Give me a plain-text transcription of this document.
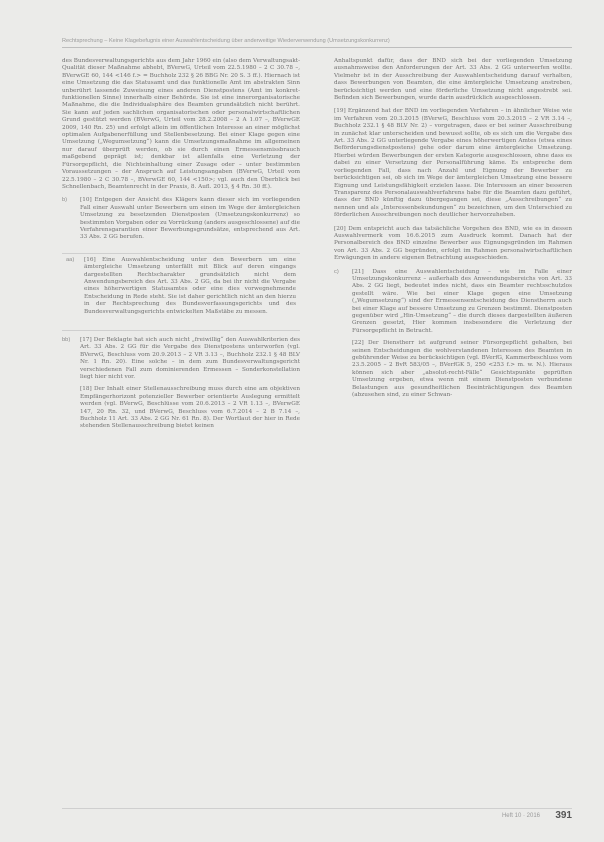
Rechtsprechung – Keine Klagebefugnis einer Auswahlentscheidung über anderweitige Wiederverwendung (Umsetzungskonkurrenz)

des Bundesverwaltungsgerichts aus dem Jahr 1960 ein (also dem Verwaltungsakt-Qualität dieser Maßnahme abhebt, BVerwG, Urteil vom 22.5.1980 – 2 C 30.78 –, BVerwGE 60, 144 <146 f.> = Buchholz 232 § 26 BBG Nr. 20 S. 3 ff.). Hiernach ist eine Umsetzung die das Statusamt und das funktionelle Amt im abstrakten Sinn unberührt lassende Zuweisung eines anderen Dienstpostens (Amt im konkret-funktionellen Sinne) innerhalb einer Behörde. Sie ist eine innerorganisatorische Maßnahme, die die Individualsphäre des Beamten grundsätzlich nicht berührt. Sie kann auf jeden sachlichen organisatorischen oder personalwirtschaftlichen Grund gestützt werden (BVerwG, Urteil vom 28.2.2008 – 2 A 1.07 –, BVerwGE 2009, 140 Rn. 25) und erfolgt allein im öffentlichen Interesse an einer möglichst optimalen Aufgabenerfüllung und Stellenbesetzung. Bei einer Klage gegen eine Umsetzung („Wegumsetzung“) kann die Umsetzungsmaßnahme im allgemeinen nur darauf überprüft werden, ob sie durch einen Ermessensmissbrauch maßgebend geprägt ist; denkbar ist allenfalls eine Verletzung der Fürsorgepflicht, die Nichteinhaltung einer Zusage oder – unter bestimmten Voraussetzungen – der Anspruch auf Leistungsangaben (BVerwG, Urteil vom 22.5.1980 – 2 C 30.78 –, BVerwGE 60, 144 <150>; vgl. auch den Überblick bei Schnellenbach, Beamtenrecht in der Praxis, 8. Aufl. 2013, § 4 Rn. 30 ff.).

b)	[10] Entgegen der Ansicht des Klägers kann dieser sich im vorliegenden Fall einer Auswahl unter Bewerbern um einen im Wege der ämtergleichen Umsetzung zu besetzenden Dienstposten (Umsetzungskonkurrenz) so bestimmten Vorgaben oder zu Vorrückung (anders ausgeschlossene) auf die Verfahrensgarantien einer Bewerbungsgrundsätze, entsprechend aus Art. 33 Abs. 2 GG berufen.

aa)	[16] Eine Auswahlentscheidung unter den Bewerbern um eine ämtergleiche Umsetzung unterfällt mit Blick auf deren eingangs dargestellten Rechtscharakter grundsätzlich nicht dem Anwendungsbereich des Art. 33 Abs. 2 GG, da bei ihr nicht die Vergabe eines höherwertigen Statusamtes oder eine dies vorwegnehmende Entscheidung in Rede steht. Sie ist daher gerichtlich nicht an den hierzu in der Rechtsprechung des Bundesverfassungsgerichts und des Bundesverwaltungsgerichts entwickelten Maßstäbe zu messen.

bb)	[17] Der Beklagte hat sich auch nicht „freiwillig“ den Auswahlkriterien des Art. 33 Abs. 2 GG für die Vergabe des Dienstpostens unterworfen (vgl. BVerwG, Beschluss vom 20.9.2013 – 2 VR 3.13 –, Buchholz 232.1 § 48 BLV Nr. 1 Rn. 20). Eine solche – in dem zum Bundesverwaltungsgericht verschiedenen Fall zum dominierenden Ermessen – Sonderkonstellation liegt hier nicht vor.

[18] Der Inhalt einer Stellenausschreibung muss durch eine am objektiven Empfängerhorizont potenzieller Bewerber orientierte Auslegung ermittelt werden (vgl. BVerwG, Beschlüsse vom 20.6.2013 – 2 VR 1.13 –, BVerwGE 147, 20 Rn. 32, und BVerwG, Beschluss vom 6.7.2014 – 2 B 7.14 –, Buchholz 11 Art. 33 Abs. 2 GG Nr. 61 Rn. 8). Der Wortlaut der hier in Rede stehenden Stellenausschreibung bietet keinen

Anhaltspunkt dafür, dass der BND sich bei der vorliegenden Umsetzung ausnahmsweise den Anforderungen der Art. 33 Abs. 2 GG unterwerfen wollte. Vielmehr ist in der Ausschreibung der Auswahlentscheidung darauf verhalten, dass Bewerbungen von Beamten, die eine ämtergleiche Umsetzung anstreben, berücksichtigt werden und eine förderliche Umsetzung nicht angestrebt sei. Befinden sich Bewerbungen, wurde darin ausdrücklich ausgeschlossen.

[19] Ergänzend hat der BND im vorliegenden Verfahren – in ähnlicher Weise wie im Verfahren vom 20.3.2015 (BVerwG, Beschluss vom 20.3.2015 – 2 VR 3.14 –, Buchholz 232.1 § 48 BLV Nr. 2) – vorgetragen, dass er bei seiner Ausschreibung in zunächst klar unterscheiden und bewusst sollte, ob es sich um die Vergabe des Art. 33 Abs. 2 GG unterliegende Vergabe eines höherwertigen Amtes (etwa eines Beförderungsdienstpostens) gehe oder darum eine ämtergleiche Umsetzung. Hierbei würden Bewerbungen der ersten Kategorie ausgeschlossen, ohne dass es dabei zu einer Versetzung der Personalführung käme. Es entspreche dem vorliegenden Fall, dass nach Anzahl und Eignung der Bewerber zu berücksichtigen sei, ob sich im Wege der ämtergleichen Umsetzung eine bessere Eignung und Leistungsfähigkeit erzielen lasse. Die Interessen an einer besseren Transparenz des Personalauswahlverfahrens habe für die Beamten dazu geführt, dass der BND künftig dazu übergegangen sei, diese „Ausschreibungen“ zu nennen und als „Interessenbekundungen“ zu bezeichnen, um den Unterschied zu förderlichen Ausschreibungen noch deutlicher hervorzuheben.

[20] Dem entspricht auch das tatsächliche Vorgehen des BND, wie es in dessen Auswahlvermerk vom 16.6.2015 zum Ausdruck kommt. Danach hat der Personalbereich des BND einzelne Bewerber aus Eignungsgründen im Rahmen von Art. 33 Abs. 2 GG begründen, erfolgt im Rahmen personalwirtschaftlichen Erwägungen in andere eigenen Betrachtung ausgeschieden.

c)	[21] Dass eine Auswahlentscheidung – wie im Falle einer Umsetzungskonkurrenz – außerhalb des Anwendungsbereichs von Art. 33 Abs. 2 GG liegt, bedeutet indes nicht, dass ein Beamter rechtsschutzlos gestellt wäre. Wie bei einer Klage gegen eine Umsetzung („Wegumsetzung“) sind der Ermessensentscheidung des Dienstherrn auch bei einer Klage auf bessere Umsetzung zu Grenzen bestimmt. Dienstposten gegenüber wird „Hin-Umsetzung“ – die durch dieses dargestellten äußeren Grenzen gesetzt, Hier kommen insbesondere die Verletzung der Fürsorgepflicht in Betracht.

[22] Der Dienstherr ist aufgrund seiner Fürsorgepflicht gehalten, bei seinen Entscheidungen die wohlverstandenen Interessen des Beamten in gebührender Weise zu berücksichtigen (vgl. BVerfG, Kammerbeschluss vom 23.5.2005 – 2 BvR 583/05 –, BVerfGK 5, 250 <253 f.> m. w. N.). Hieraus können sich aber „absolut-recht-Fälle“ Gesichtspunkte geprüften Umsetzung ergeben, etwa wenn mit einem Dienstposten verbundene Belastungen aus gesundheitlichen Beeinträchtigungen des Beamten (abzusehen sind, zu einer Schwan-

Heft 10 · 2016 391
